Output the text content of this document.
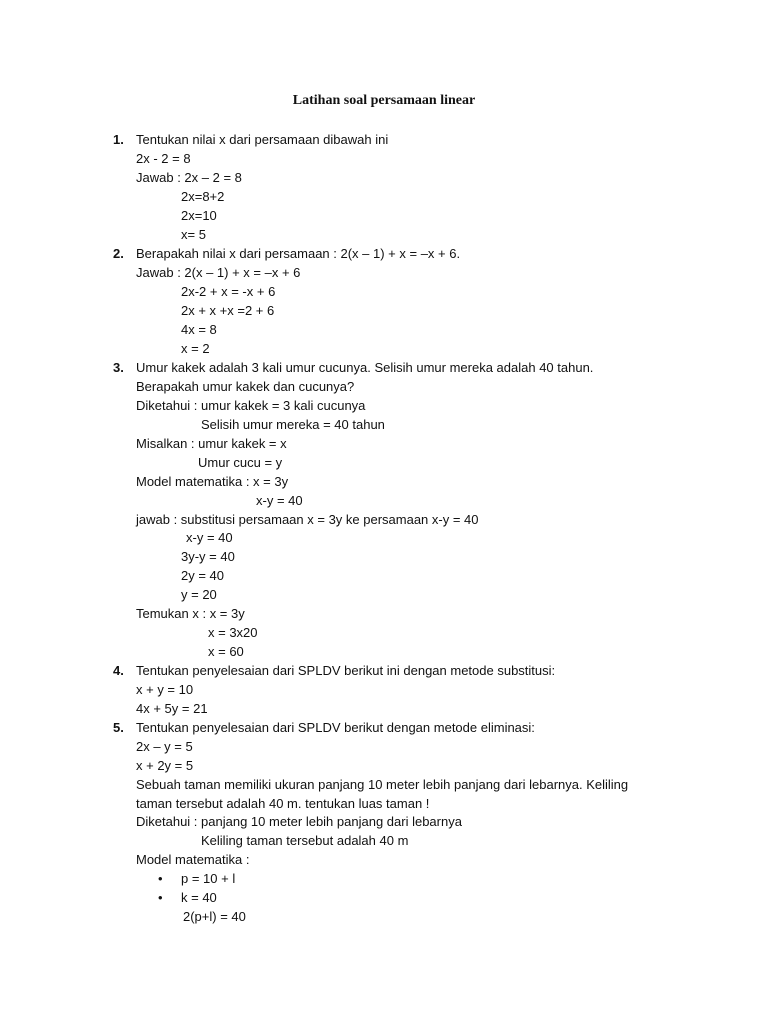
Latihan soal persamaan linear
1. Tentukan nilai x dari persamaan dibawah ini
2x - 2 = 8
Jawab : 2x – 2 = 8
2x=8+2
2x=10
x= 5
2. Berapakah nilai x dari persamaan : 2(x – 1) + x = –x + 6.
Jawab : 2(x – 1) + x = –x + 6
2x-2 + x = -x + 6
2x + x +x =2 + 6
4x = 8
x = 2
3. Umur kakek adalah 3 kali umur cucunya. Selisih umur mereka adalah 40 tahun.
Berapakah umur kakek dan cucunya?
Diketahui : umur kakek = 3 kali cucunya
Selisih umur mereka = 40 tahun
Misalkan : umur kakek = x
Umur cucu = y
Model matematika : x = 3y
x-y = 40
jawab : substitusi persamaan x = 3y ke persamaan x-y = 40
x-y = 40
3y-y = 40
2y = 40
y = 20
Temukan x : x = 3y
x = 3x20
x = 60
4. Tentukan penyelesaian dari SPLDV berikut ini dengan metode substitusi:
x + y = 10
4x + 5y = 21
5. Tentukan penyelesaian dari SPLDV berikut dengan metode eliminasi:
2x – y = 5
x + 2y = 5
Sebuah taman memiliki ukuran panjang 10 meter lebih panjang dari lebarnya. Keliling
taman tersebut adalah 40 m. tentukan luas taman !
Diketahui : panjang 10 meter lebih panjang dari lebarnya
Keliling taman tersebut adalah 40 m
Model matematika :
• p = 10 + l
• k = 40
2(p+l) = 40
